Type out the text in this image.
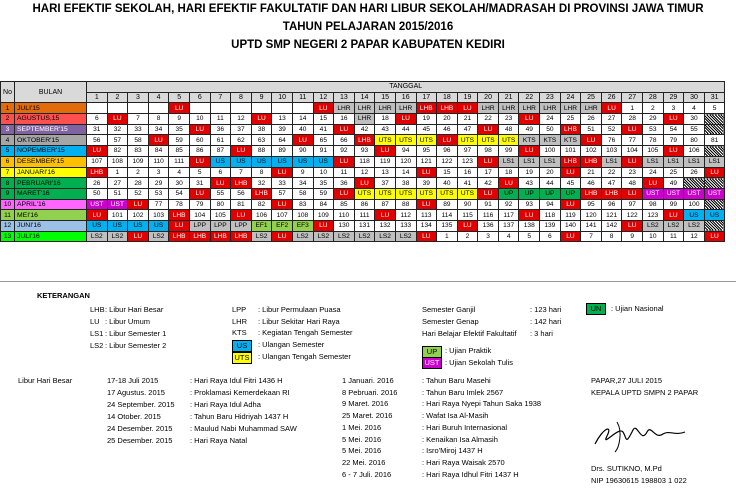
HARI EFEKTIF SEKOLAH, HARI EFEKTIF FAKULTATIF DAN HARI LIBUR SEKOLAH/MADRASAH DI PROVINSI JAWA TIMUR
TAHUN PELAJARAN 2015/2016
UPTD SMP NEGERI 2 PAPAR KABUPATEN KEDIRI
No	BULAN	TANGGAL																														
		1	2	3	4	5	6	7	8	9	10	11	12	13	14	15	16	17	18	19	20	21	22	23	24	25	26	27	28	29	30	31
1	JULI'15					LU							LU	LHR	LHR	LHR	LHR	LHB	LHB	LU	LHR	LHR	LHR	LHR	LHR	LHR	LU	1	2	3	4	5
2	AGUSTUS,15	6	LU	7	8	9	10	11	12	LU	13	14	15	16	LHR	18	LU	19	20	21	22	23	LU	24	25	26	27	28	29	LU	30	
3	SEPTEMBER'15	31	32	33	34	35	LU	36	37	38	39	40	41	LU	42	43	44	45	46	47	LU	48	49	50	LHB	51	52	LU	53	54	55	
4	OKTOBER'15	56	57	58	LU	59	60	61	62	63	64	LU	65	66	LHB	UTS	UTS	UTS	LU	UTS	UTS	UTS	KTS	KTS	KTS	LU	76	77	78	79	80	81
5	NOPEMBER'15	LU	82	83	84	85	86	87	LU	88	89	90	91	92	93	LU	94	95	96	97	98	99	LU	100	101	102	103	104	105	LU	106	
6	DESEMBER'15	107	108	109	110	111	LU	US	US	US	US	US	US	LU	118	119	120	121	122	123	LU	LS1	LS1	LS1	LHB	LHB	LS1	LU	LS1	LS1	LS1	LS1
7	JANUARI'16	LHB	1	2	3	4	5	6	7	8	LU	9	10	11	12	13	14	LU	15	16	17	18	19	20	LU	21	22	23	24	25	26	LU
8	PEBRUARI'16	26	27	28	29	30	31	LU	LHB	32	33	34	35	36	LU	37	38	39	40	41	42	LU	43	44	45	46	47	48	LU	49		
9	MARET'16	50	51	52	53	54	LU	55	56	LHB	57	58	59	LU	UTS	UTS	UTS	UTS	UTS	UTS	LU	UP	UP	UP	UP	LHB	LHB	LU	UST	UST	UST	UST
10	APRIL'16	UST	UST	LU	77	78	79	80	81	82	LU	83	84	85	86	87	88	LU	89	90	91	92	93	94	LU	95	96	97	98	99	100	
11	MEI'16	LU	101	102	103	LHB	104	105	LU	106	107	108	109	110	111	LU	112	113	114	115	116	117	LU	118	119	120	121	122	123	LU	US	US
12	JUNI'16	US	US	US	US	LU	LPP	LPP	LPP	EF1	EF2	EF3	LU	130	131	132	133	134	135	LU	136	137	138	139	140	141	142	LU	LS2	LS2	LS2	
13	JULI'16	LS2	LS2	LU	LS2	LHB	LHB	LHB	LHB	LS2	LU	LS2	LS2	LS2	LS2	LS2	LS2	LU	1	2	3	4	5	6	LU	7	8	9	10	11	12	LU
KETERANGAN
LHB : Libur Hari Besar
LU : Libur Umum
LS1 : Libur Semester 1
LS2 : Libur Semester 2
LPP : Libur Permulaan Puasa
LHR : Libur Sekitar Hari Raya
KTS : Kegiatan Tengah Semester
US	: Ulangan Semester
UTS	: Ulangan Tengah Semester
Semester Ganjil	: 123 hari
Semester Genap	: 142 hari
Hari Belajar Efektif Fakultatif : 3 hari
UP	: Ujian Praktik
UST : Ujian Sekolah Tulis
UN	: Ujian Nasional
Libur Hari Besar	17-18 Juli 2015	: Hari Raya Idul Fitri 1436 H
17 Agustus. 2015	: Proklamasi Kemerdekaan RI
24 September. 2015 : Hari Raya Idul Adha
14 Otober. 2015	: Tahun Baru Hidriyah 1437 H
24 Desember. 2015 : Maulud Nabi Muhammad SAW
25 Desember. 2015 : Hari Raya Natal
1 Januari. 2016	: Tahun Baru Masehi
8 Pebruari. 2016	: Tahun Baru Imlek 2567
9 Maret. 2016	: Hari Raya Nyepi Tahun Saka 1938
25 Maret. 2016	: Wafat Isa Al-Masih
1 Mei. 2016	: Hari Buruh Internasional
5 Mei. 2016	: Kenaikan Isa Almasih
5 Mei. 2016	: Isro'Miroj 1437 H
22 Mei. 2016	: Hari Raya Waisak 2570
6 - 7 Juli. 2016	: Hari Raya Idhul Fitri 1437 H
PAPAR,27 JULI 2015
KEPALA UPTD SMPN 2 PAPAR
Drs. SUTIKNO, M.Pd
NIP 19630615 198803 1 022
